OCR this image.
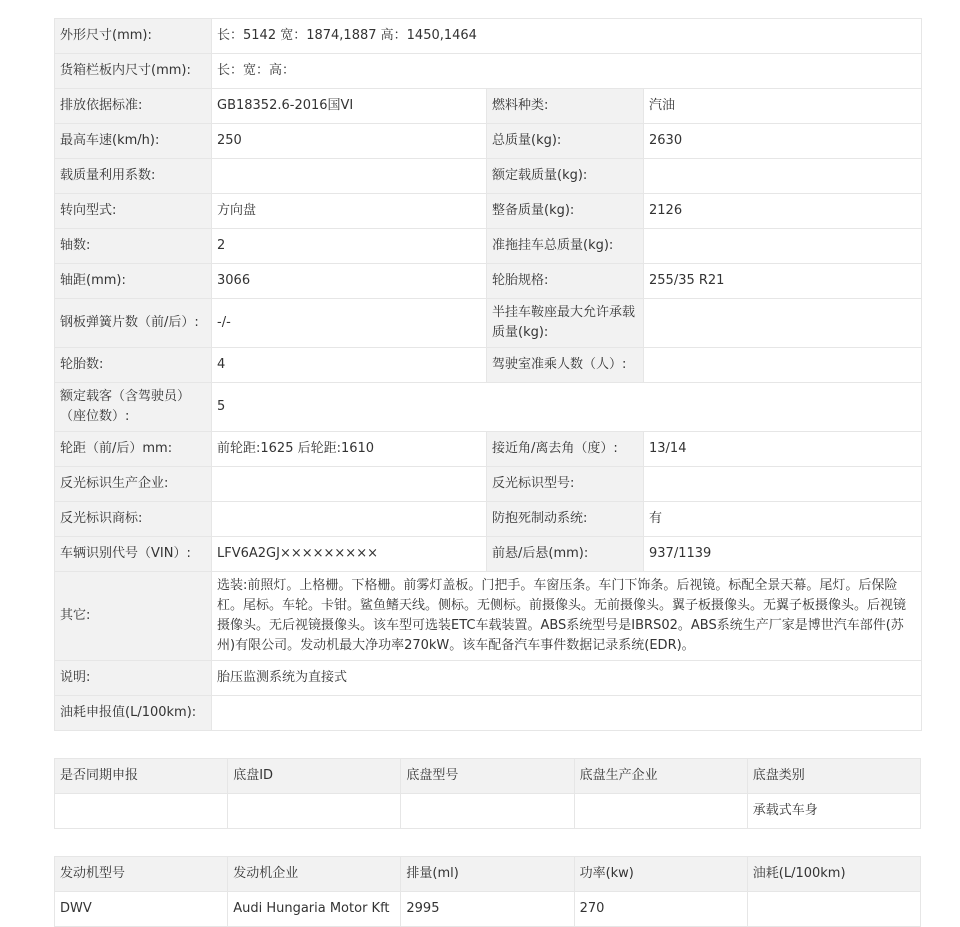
外形尺寸(mm):	长：5142 宽：1874,1887 高：1450,1464		
货箱栏板内尺寸(mm):	长：宽：高：		
排放依据标准:	GB18352.6-2016国VI	燃料种类:	汽油
最高车速(km/h):	250	总质量(kg):	2630
载质量利用系数:		额定载质量(kg):	
转向型式:	方向盘	整备质量(kg):	2126
轴数:	2	准拖挂车总质量(kg):	
轴距(mm):	3066	轮胎规格:	255/35 R21
钢板弹簧片数（前/后）:	-/-	半挂车鞍座最大允许承载质量(kg):	
轮胎数:	4	驾驶室准乘人数（人）:	
额定载客（含驾驶员）（座位数）:	5		
轮距（前/后）mm:	前轮距:1625 后轮距:1610	接近角/离去角（度）:	13/14
反光标识生产企业:		反光标识型号:	
反光标识商标:		防抱死制动系统:	有
车辆识别代号（VIN）:	LFV6A2GJ×××××××××	前悬/后悬(mm):	937/1139
其它:	选装:前照灯。上格栅。下格栅。前雾灯盖板。门把手。车窗压条。车门下饰条。后视镜。标配全景天幕。尾灯。后保险杠。尾标。车轮。卡钳。鲨鱼鳍天线。侧标。无侧标。前摄像头。无前摄像头。翼子板摄像头。无翼子板摄像头。后视镜摄像头。无后视镜摄像头。该车型可选装ETC车载装置。ABS系统型号是IBRS02。ABS系统生产厂家是博世汽车部件(苏州)有限公司。发动机最大净功率270kW。该车配备汽车事件数据记录系统(EDR)。		
说明:	胎压监测系统为直接式		
油耗申报值(L/100km):			
是否同期申报	底盘ID	底盘型号	底盘生产企业	底盘类别
				承载式车身
发动机型号	发动机企业	排量(ml)	功率(kw)	油耗(L/100km)
DWV	Audi Hungaria Motor Kft	2995	270	
